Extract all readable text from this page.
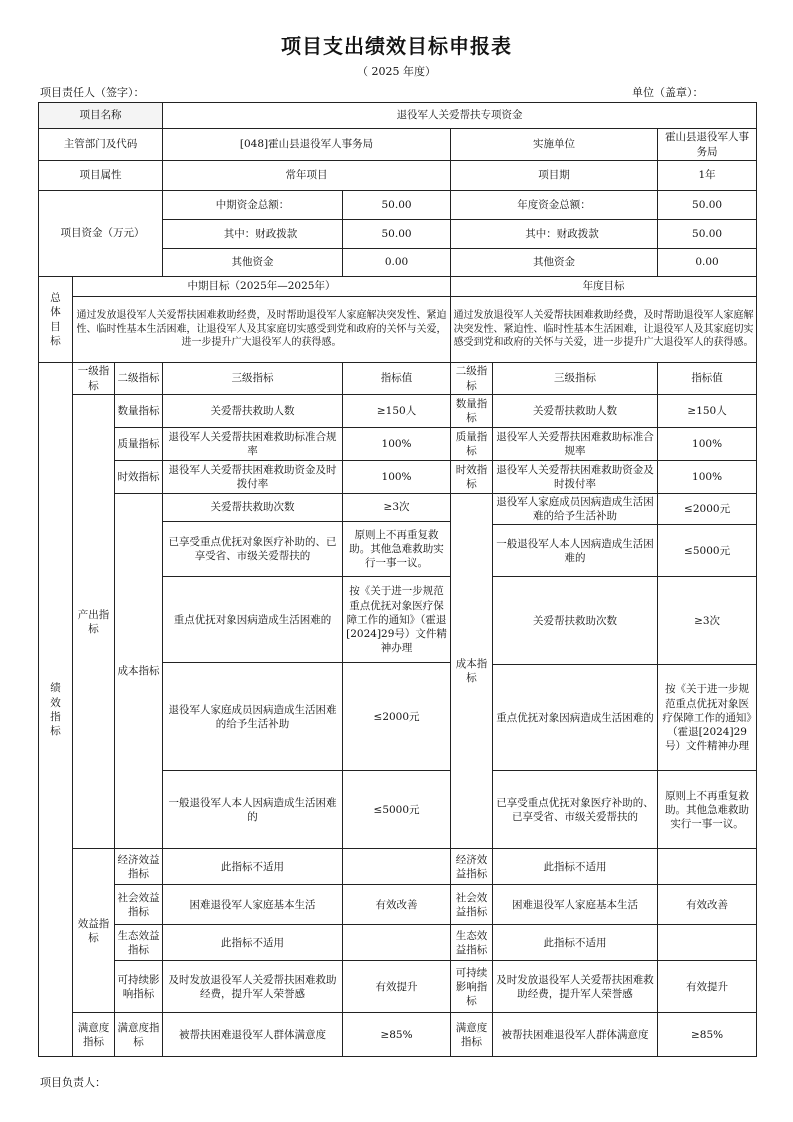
项目支出绩效目标申报表
（ 2025 年度）
项目责任人（签字）：	单位（盖章）：
项目名称			退役军人关爱帮扶专项资金				
主管部门及代码			[048]霍山县退役军人事务局		实施单位		霍山县退役军人事务局
项目属性			常年项目		项目期		1年
项目资金（万元）			中期资金总额：	50.00	年度资金总额：		50.00
			其中：财政拨款	50.00	其中：财政拨款		50.00
			其他资金	0.00	其他资金		0.00
总体目标	中期目标（2025年—2025年）				年度目标		
	通过发放退役军人关爱帮扶困难救助经费，及时帮助退役军人家庭解决突发性、紧迫性、临时性基本生活困难，让退役军人及其家庭切实感受到党和政府的关怀与关爱，进一步提升广大退役军人的获得感。				通过发放退役军人关爱帮扶困难救助经费，及时帮助退役军人家庭解决突发性、紧迫性、临时性基本生活困难，让退役军人及其家庭切实感受到党和政府的关怀与关爱，进一步提升广大退役军人的获得感。		
绩效指标	一级指标	二级指标	三级指标	指标值	二级指标	三级指标	指标值
	产出指标	数量指标	关爱帮扶救助人数	≥150人	数量指标	关爱帮扶救助人数	≥150人
		质量指标	退役军人关爱帮扶困难救助标准合规率	100%	质量指标	退役军人关爱帮扶困难救助标准合规率	100%
		时效指标	退役军人关爱帮扶困难救助资金及时拨付率	100%	时效指标	退役军人关爱帮扶困难救助资金及时拨付率	100%
		成本指标	关爱帮扶救助次数	≥3次	成本指标	退役军人家庭成员因病造成生活困难的给予生活补助	≤2000元
			已享受重点优抚对象医疗补助的、已享受省、市级关爱帮扶的	原则上不再重复救助。其他急难救助实行一事一议。			
						一般退役军人本人因病造成生活困难的	≤5000元
			重点优抚对象因病造成生活困难的	按《关于进一步规范重点优抚对象医疗保障工作的通知》（霍退[2024]29号）文件精神办理		关爱帮扶救助次数	≥3次
			退役军人家庭成员因病造成生活困难的给予生活补助	≤2000元			
						重点优抚对象因病造成生活困难的	按《关于进一步规范重点优抚对象医疗保障工作的通知》（霍退[2024]29号）文件精神办理

			一般退役军人本人因病造成生活困难的	≤5000元		已享受重点优抚对象医疗补助的、已享受省、市级关爱帮扶的	原则上不再重复救助。其他急难救助实行一事一议。

	效益指标	经济效益指标	此指标不适用		经济效益指标	此指标不适用	
		社会效益指标	困难退役军人家庭基本生活	有效改善	社会效益指标	困难退役军人家庭基本生活	有效改善
		生态效益指标	此指标不适用		生态效益指标	此指标不适用	
		可持续影响指标	及时发放退役军人关爱帮扶困难救助经费，提升军人荣誉感	有效提升	可持续影响指标	及时发放退役军人关爱帮扶困难救助经费，提升军人荣誉感	有效提升
	满意度指标	满意度指标	被帮扶困难退役军人群体满意度	≥85%	满意度指标	被帮扶困难退役军人群体满意度	≥85%
项目负责人：
